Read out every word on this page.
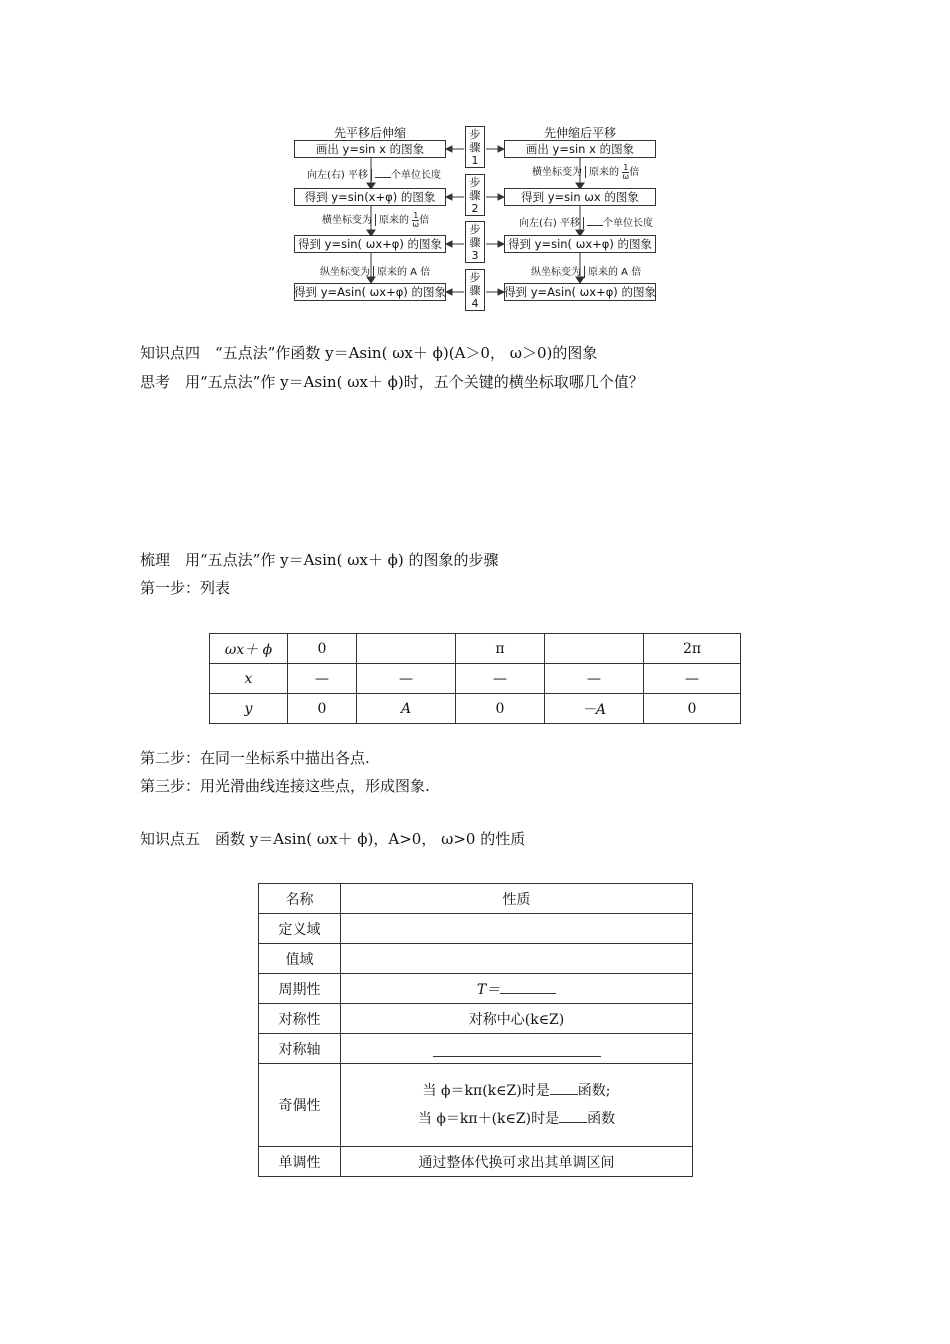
先平移后伸缩	先伸缩后平移
画出 y=sin x 的图象
得到 y=sin(x+φ) 的图象
得到 y=sin( ωx+φ) 的图象
得到 y=Asin( ωx+φ) 的图象
画出 y=sin x 的图象
得到 y=sin ωx 的图象
得到 y=sin( ωx+φ) 的图象
得到 y=Asin( ωx+φ) 的图象
步
骤
1
步
骤
2
步
骤
3
步
骤
4
向左(右) 平移 个单位长度
横坐标变为 原来的 $\frac{1}{\omega}$ 倍
纵坐标变为 原来的 A 倍
横坐标变为 原来的 $\frac{1}{\omega}$ 倍
向左(右) 平移 个单位长度
纵坐标变为 原来的 A 倍
知识点四　“五点法”作函数 y＝Asin( ωx＋ ϕ)(A＞0， ω＞0)的图象
思考　用“五点法”作 y＝Asin( ωx＋ ϕ)时，五个关键的横坐标取哪几个值？
梳理　用“五点法”作 y＝Asin( ωx＋ ϕ) 的图象的步骤
第一步：列表
ωx＋ ϕ	0		π		2π
x	—	—	—	—	—
y	0	A	0	－A	0
第二步：在同一坐标系中描出各点.
第三步：用光滑曲线连接这些点，形成图象.
知识点五　函数 y＝Asin( ωx＋ ϕ)，A>0， ω>0 的性质
名称	性质
定义域	
值域	
周期性	T＝
对称性	对称中心(k∈Z)
对称轴	
奇偶性	当 ϕ＝kπ(k∈Z)时是 函数;
当 ϕ＝kπ＋(k∈Z)时是 函数

单调性	通过整体代换可求出其单调区间
